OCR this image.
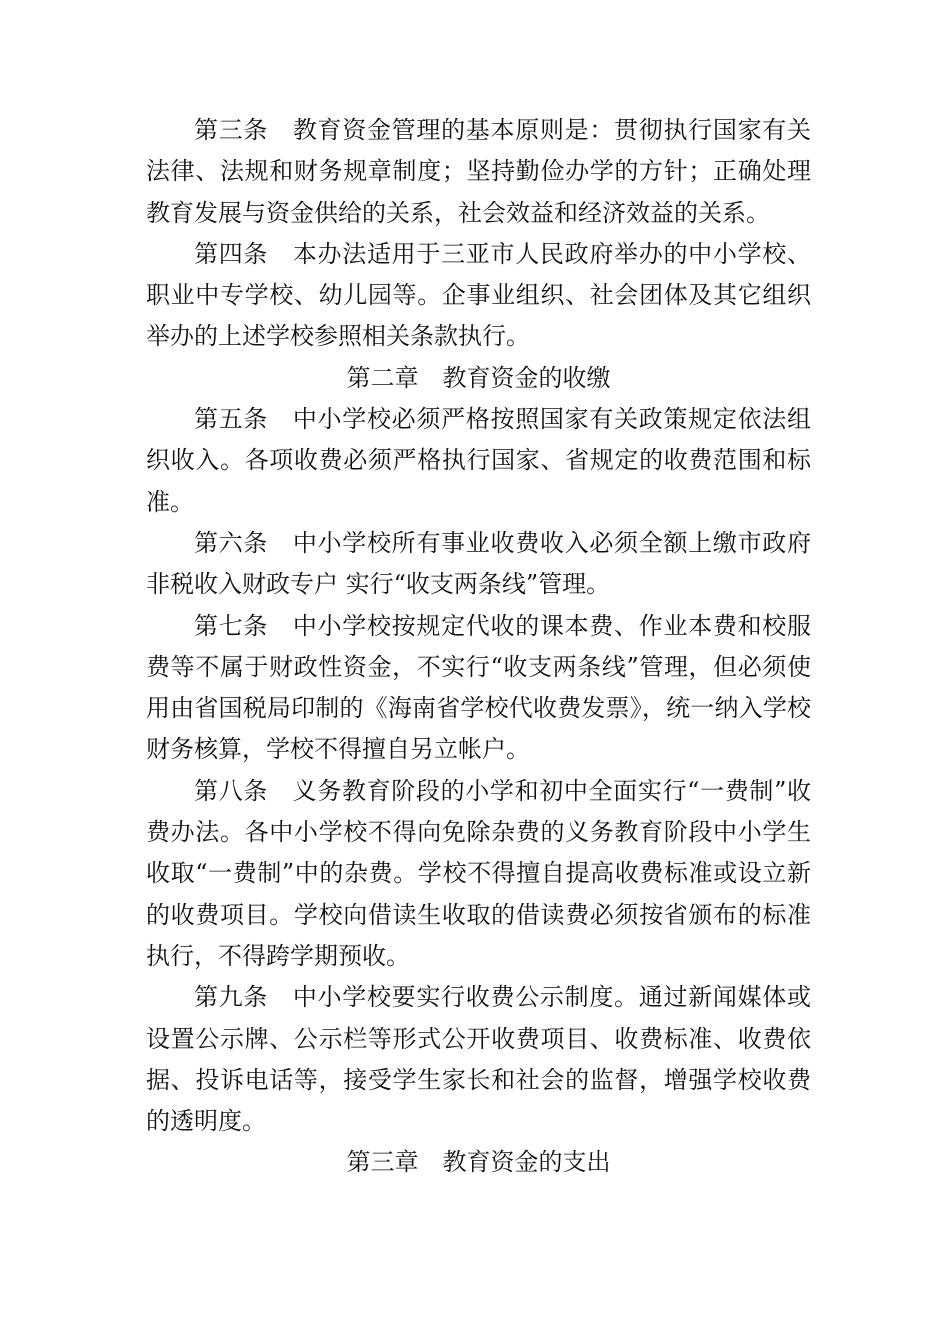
第三条　教育资金管理的基本原则是：贯彻执行国家有关法律、法规和财务规章制度；坚持勤俭办学的方针；正确处理教育发展与资金供给的关系，社会效益和经济效益的关系。

第四条　本办法适用于三亚市人民政府举办的中小学校、职业中专学校、幼儿园等。企事业组织、社会团体及其它组织举办的上述学校参照相关条款执行。

第二章　教育资金的收缴

第五条　中小学校必须严格按照国家有关政策规定依法组织收入。各项收费必须严格执行国家、省规定的收费范围和标准。

第六条　中小学校所有事业收费收入必须全额上缴市政府非税收入财政专户 实行“收支两条线”管理。

第七条　中小学校按规定代收的课本费、作业本费和校服费等不属于财政性资金，不实行“收支两条线”管理，但必须使用由省国税局印制的《海南省学校代收费发票》，统一纳入学校财务核算，学校不得擅自另立帐户。

第八条　义务教育阶段的小学和初中全面实行“一费制”收费办法。各中小学校不得向免除杂费的义务教育阶段中小学生收取“一费制”中的杂费。学校不得擅自提高收费标准或设立新的收费项目。学校向借读生收取的借读费必须按省颁布的标准执行，不得跨学期预收。

第九条　中小学校要实行收费公示制度。通过新闻媒体或设置公示牌、公示栏等形式公开收费项目、收费标准、收费依据、投诉电话等，接受学生家长和社会的监督，增强学校收费的透明度。

第三章　教育资金的支出
